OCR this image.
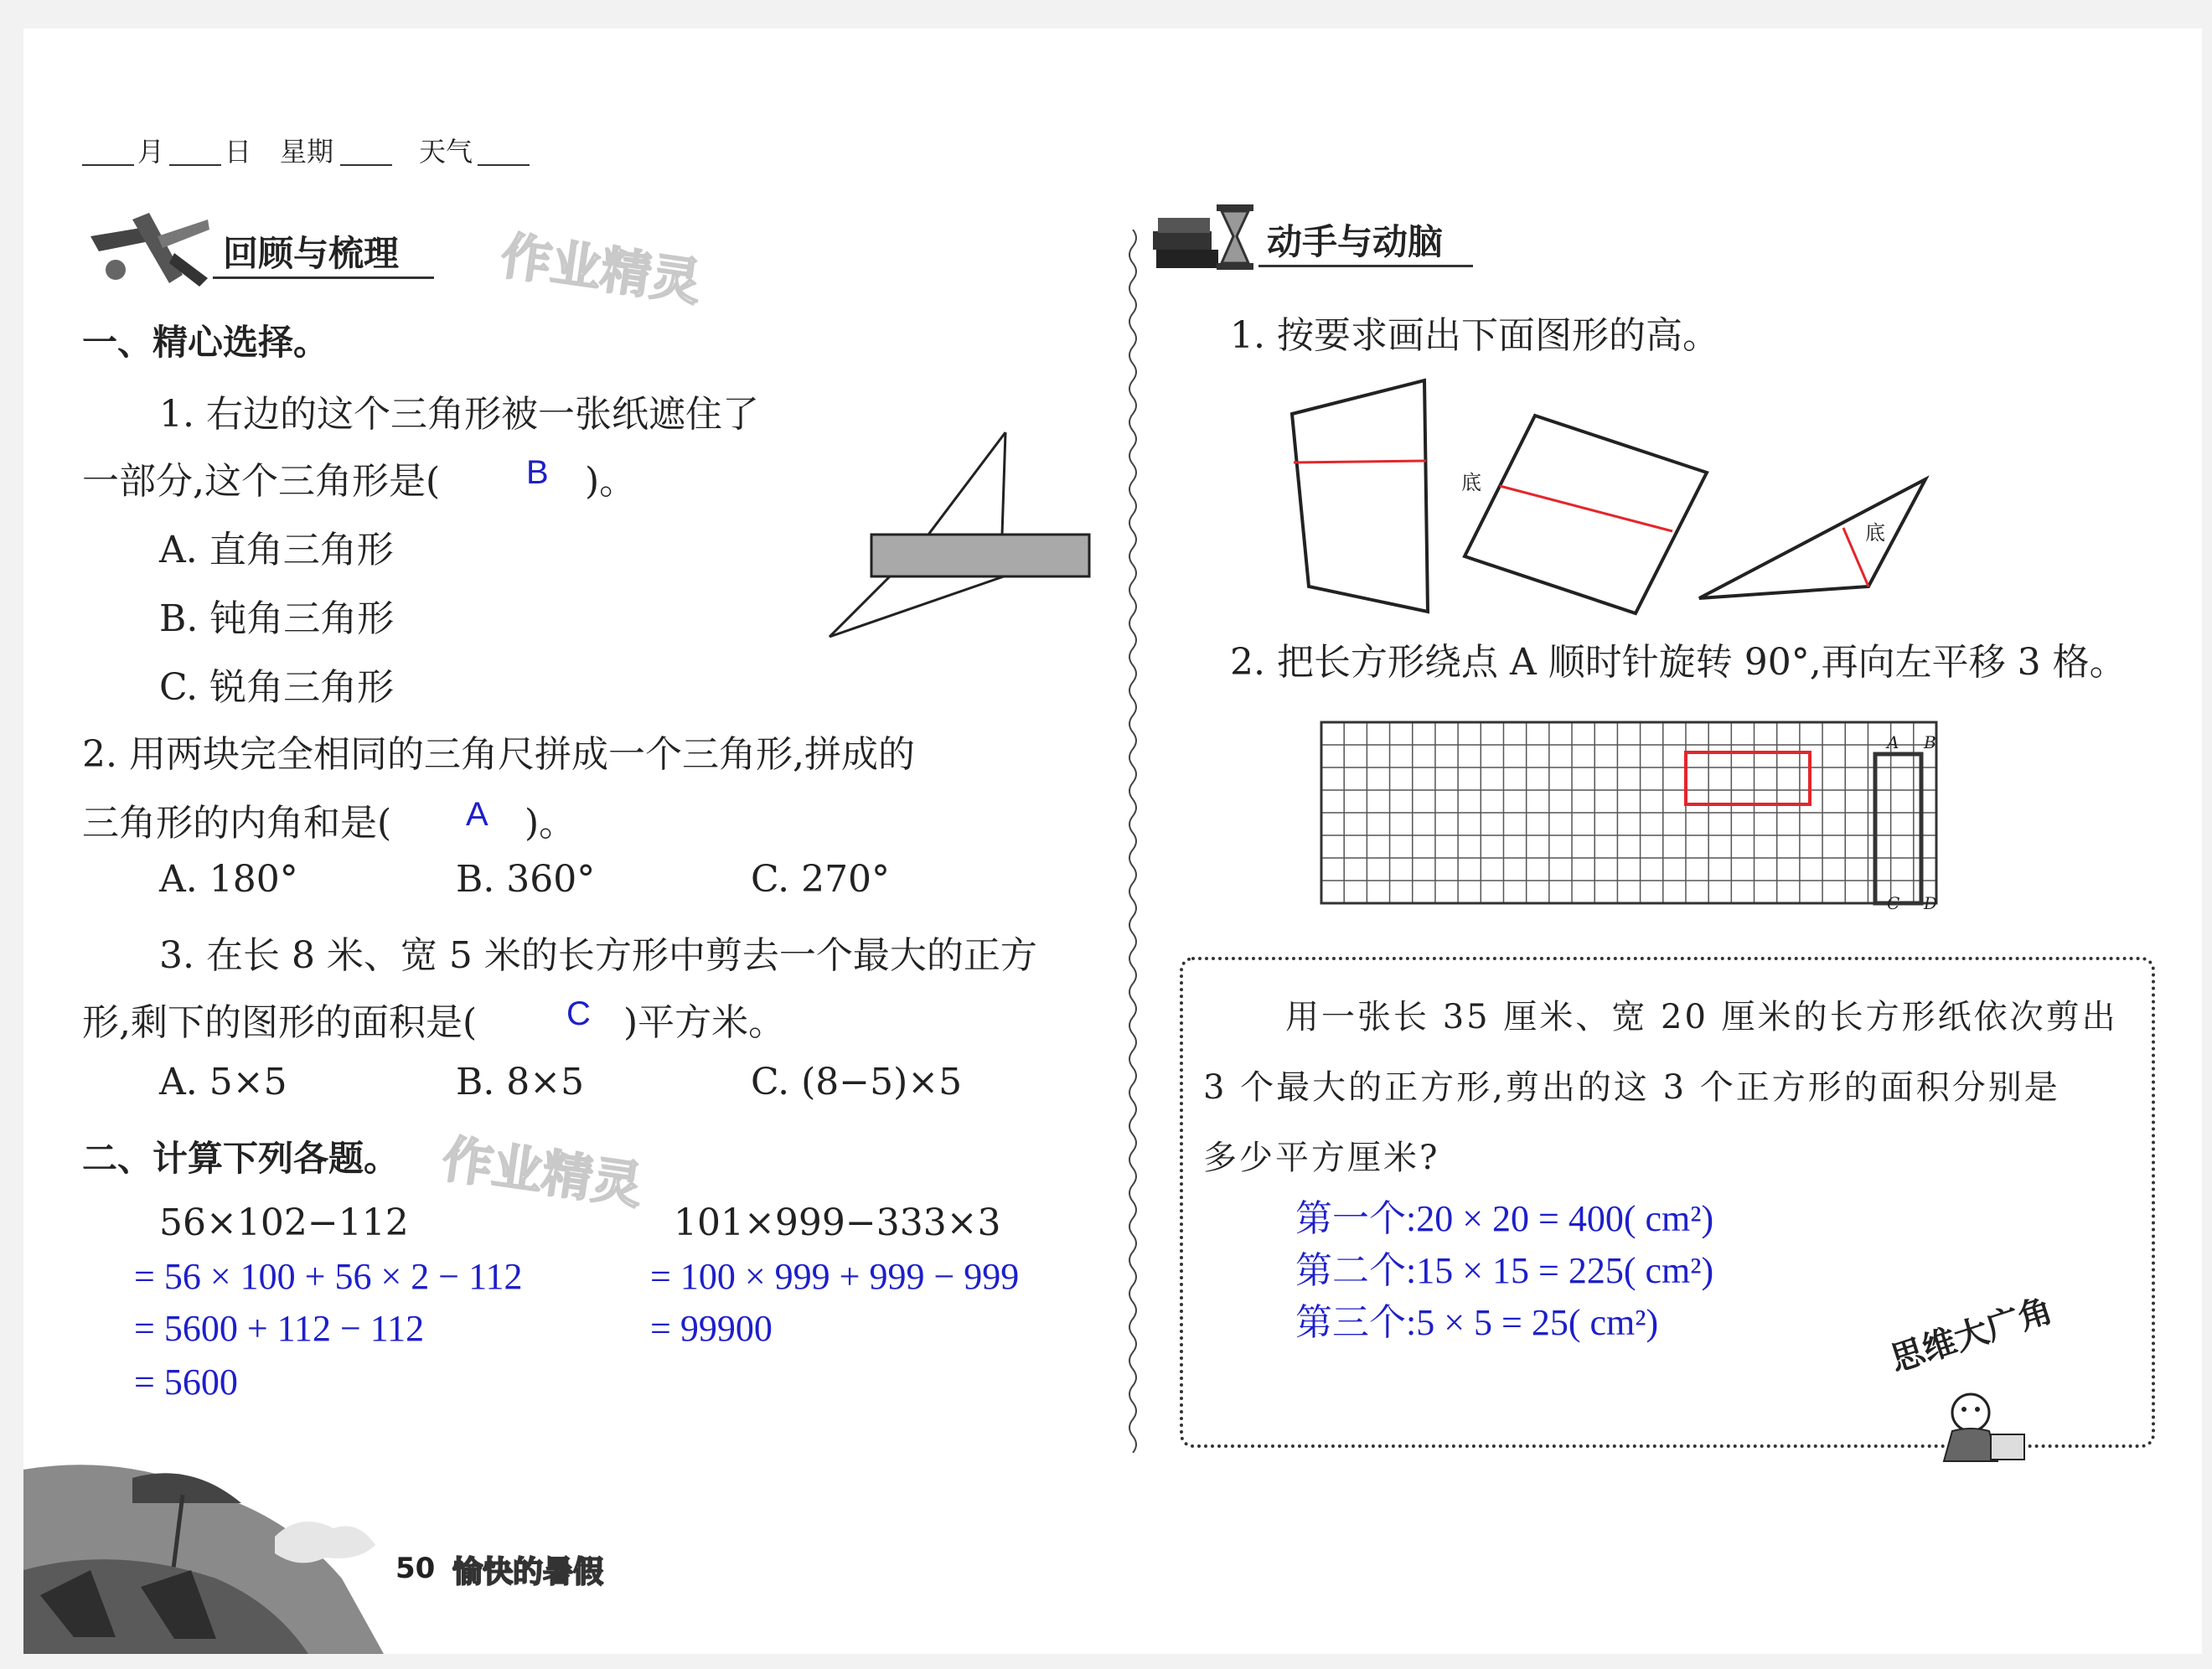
月 日 星期	天气
回顾与梳理 作业精灵
一、精心选择。
1. 右边的这个三角形被一张纸遮住了
一部分,这个三角形是(	B )。
A. 直角三角形
B. 钝角三角形
C. 锐角三角形
2. 用两块完全相同的三角尺拼成一个三角形,拼成的
三角形的内角和是( A )。
A. 180°	B. 360°	C. 270°
3. 在长 8 米、宽 5 米的长方形中剪去一个最大的正方
形,剩下的图形的面积是(	C )平方米。
A. 5×5	B. 8×5	C. (8−5)×5
二、计算下列各题。 作业精灵
56×102−112
= 56 × 100 + 56 × 2 − 112
= 5600 + 112 − 112
= 5600
101×999−333×3
= 100 × 999 + 999 − 999
= 99900
50 愉快的暑假
动手与动脑
1. 按要求画出下面图形的高。
底
底
2. 把长方形绕点 A 顺时针旋转 90°,再向左平移 3 格。
A B
C D
用一张长 35 厘米、宽 20 厘米的长方形纸依次剪出
3 个最大的正方形,剪出的这 3 个正方形的面积分别是
多少平方厘米?
第一个:20 × 20 = 400( cm²)
第二个:15 × 15 = 225( cm²)
第三个:5 × 5 = 25( cm²)	思维大广角
